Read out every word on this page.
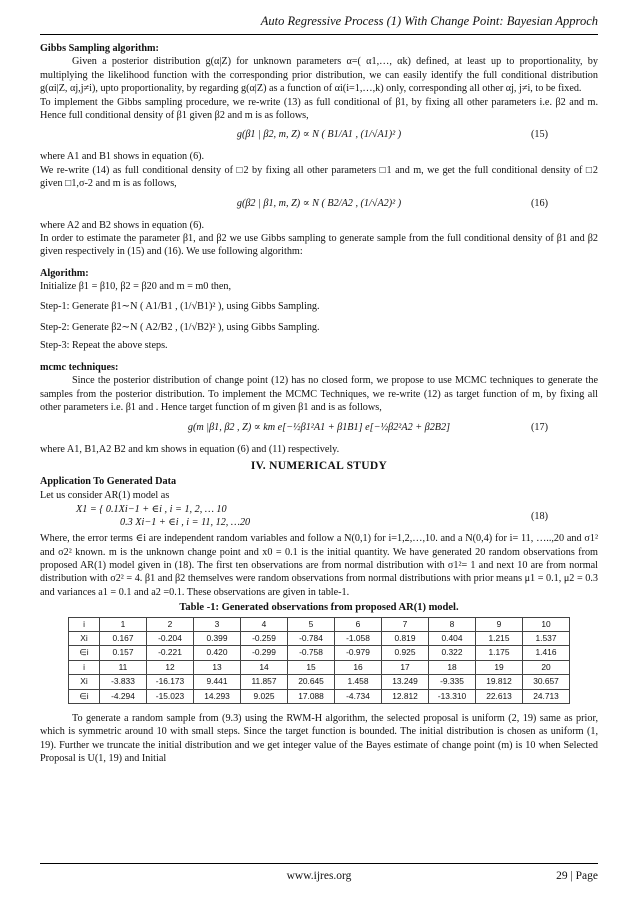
Auto Regressive Process (1) With Change Point: Bayesian Approch

Gibbs Sampling algorithm:

Given a posterior distribution g(α|Z) for unknown parameters α=( α1,…, αk) defined, at least up to proportionality, by multiplying the likelihood function with the corresponding prior distribution, we can easily identify the full conditional distribution g(αi|Z, αj,j≠i), upto proportionality, by regarding g(α|Z) as a function of αi(i=1,…,k) only, corresponding all other αj, j≠i, to be fixed.

To implement the Gibbs sampling procedure, we re-write (13) as full conditional of β1, by fixing all other parameters i.e. β2 and m. Hence full conditional density of β1 given β2 and m is as follows,

g(β1 | β2, m, Z) ∝ N ( B1/A1 , (1/√A1)² )	(15)

where A1 and B1 shows in equation (6).

We re-write (14) as full conditional density of □2 by fixing all other parameters □1 and m, we get the full conditional density of □2 given □1,σ-2 and m is as follows,

g(β2 | β1, m, Z) ∝ N ( B2/A2 , (1/√A2)² )	(16)

where A2 and B2 shows in equation (6).

In order to estimate the parameter β1, and β2 we use Gibbs sampling to generate sample from the full conditional density of β1 and β2 given respectively in (15) and (16). We use following algorithm:

Algorithm:

Initialize β1 = β10, β2 = β20 and m = m0 then,

Step-1: Generate β1∼N ( A1/B1 , (1/√B1)² ), using Gibbs Sampling.

Step-2: Generate β2∼N ( A2/B2 , (1/√B2)² ), using Gibbs Sampling.

Step-3: Repeat the above steps.

mcmc techniques:

Since the posterior distribution of change point (12) has no closed form, we propose to use MCMC techniques to generate the samples from the posterior distribution. To implement the MCMC Techniques, we re-write (12) as target function of m, by fixing all other parameters i.e. β1 and . Hence target function of m given β1 and is as follows,

g(m |β1, β2 , Z) ∝ km e[−½β1²A1 + β1B1] e[−½β2²A2 + β2B2]	(17)

where A1, B1,A2 B2 and km shows in equation (6) and (11) respectively.

IV. NUMERICAL STUDY

Application To Generated Data

Let us consider AR(1) model as

X1 = { 0.1Xi−1 + ∈i , i = 1, 2, … 10
0.3 Xi−1 + ∈i , i = 11, 12, …20
(18)

Where, the error terms ∈i are independent random variables and follow a N(0,1) for i=1,2,…,10. and a N(0,4) for i= 11, …..,20 and σ1² and σ2² known. m is the unknown change point and x0 = 0.1 is the initial quantity. We have generated 20 random observations from proposed AR(1) model given in (18). The first ten observations are from normal distribution with σ1²= 1 and next 10 are from normal distribution with σ2² = 4. β1 and β2 themselves were random observations from normal distributions with prior means μ1 = 0.1, μ2 = 0.3 and variances a1 = 0.1 and a2 =0.1. These observations are given in table-1.

Table -1: Generated observations from proposed AR(1) model.
i	1	2	3	4	5	6	7	8	9	10
Xi	0.167	-0.204	0.399	-0.259	-0.784	-1.058	0.819	0.404	1.215	1.537
∈i	0.157	-0.221	0.420	-0.299	-0.758	-0.979	0.925	0.322	1.175	1.416
i	11	12	13	14	15	16	17	18	19	20
Xi	-3.833	-16.173	9.441	11.857	20.645	1.458	13.249	-9.335	19.812	30.657
∈i	-4.294	-15.023	14.293	9.025	17.088	-4.734	12.812	-13.310	22.613	24.713

To generate a random sample from (9.3) using the RWM-H algorithm, the selected proposal is uniform (2, 19) same as prior, which is symmetric around 10 with small steps. Since the target function is bounded. The initial distribution is chosen as uniform (1, 19). Further we truncate the initial distribution and we get integer value of the Bayes estimate of change point (m) is 10 when Selected Proposal is U(1, 19) and Initial

www.ijres.org	29 | Page
